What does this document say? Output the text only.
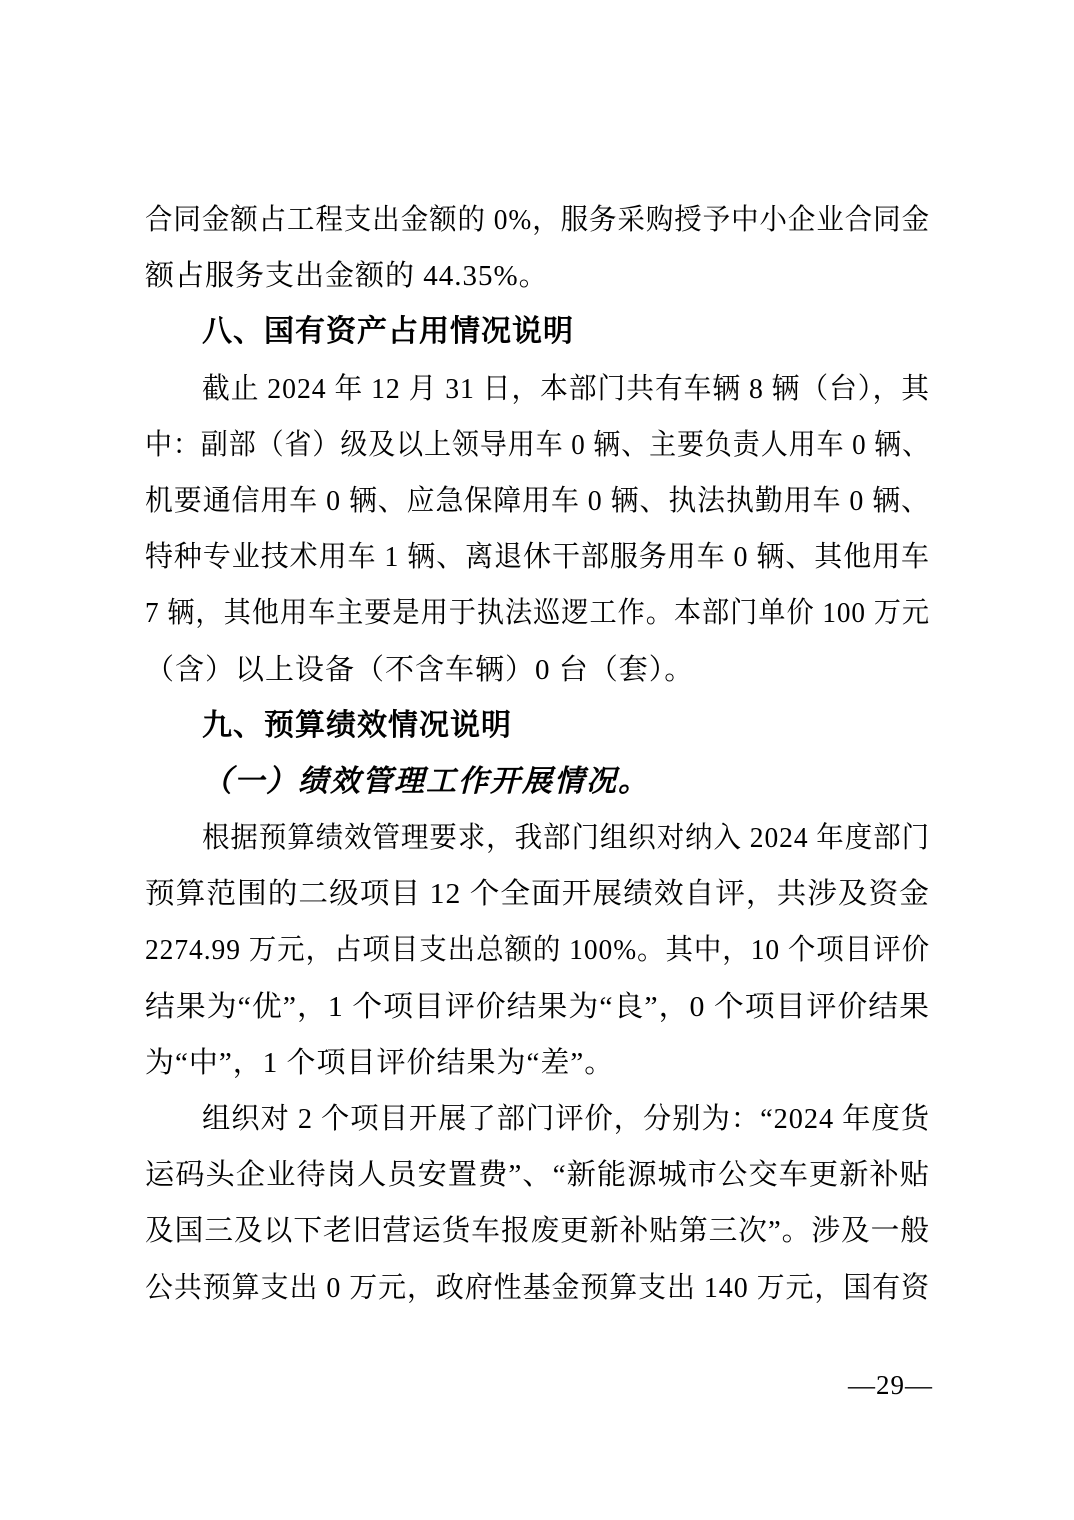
合同金额占工程支出金额的 0%，服务采购授予中小企业合同金
额占服务支出金额的 44.35%。
八、国有资产占用情况说明
截止 2024 年 12 月 31 日，本部门共有车辆 8 辆（台），其
中：副部（省）级及以上领导用车 0 辆、主要负责人用车 0 辆、
机要通信用车 0 辆、应急保障用车 0 辆、执法执勤用车 0 辆、
特种专业技术用车 1 辆、离退休干部服务用车 0 辆、其他用车
7 辆，其他用车主要是用于执法巡逻工作。本部门单价 100 万元
（含）以上设备（不含车辆）0 台（套）。
九、预算绩效情况说明
（一）绩效管理工作开展情况。
根据预算绩效管理要求，我部门组织对纳入 2024 年度部门
预算范围的二级项目 12 个全面开展绩效自评，共涉及资金
2274.99 万元，占项目支出总额的 100%。其中，10 个项目评价
结果为“优”，1 个项目评价结果为“良”，0 个项目评价结果
为“中”，1 个项目评价结果为“差”。
组织对 2 个项目开展了部门评价，分别为：“2024 年度货
运码头企业待岗人员安置费”、“新能源城市公交车更新补贴
及国三及以下老旧营运货车报废更新补贴第三次”。涉及一般
公共预算支出 0 万元，政府性基金预算支出 140 万元，国有资
—29—
